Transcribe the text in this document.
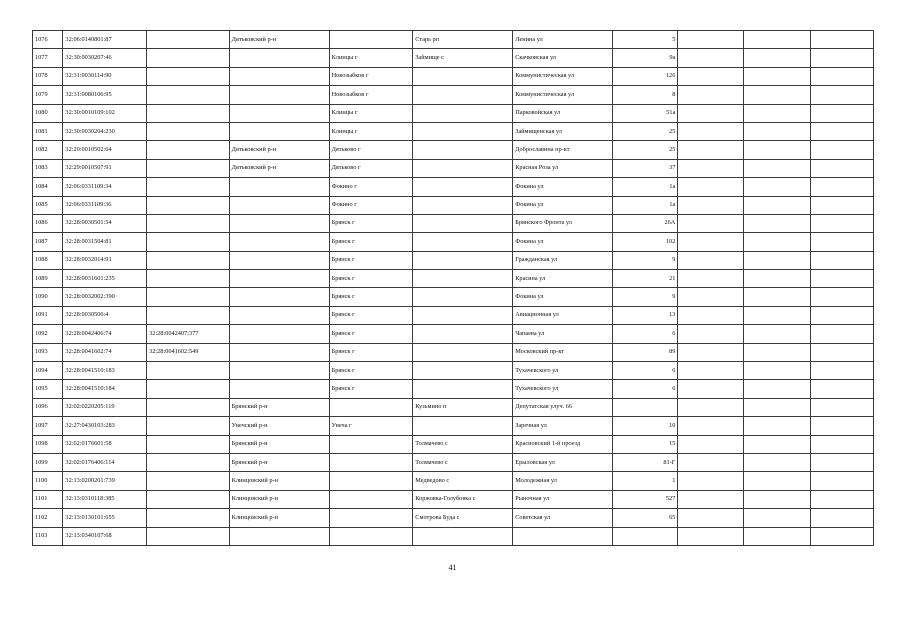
1076	32:06:0140801:87		Дятьковский р-н		Старь рп	Ленина ул	5			
1077	32:30:0030207:46			Клинцы г	Займище с	Скачковская ул	9а			
1078	32:31:0030114:90			Новозыбков г		Коммунистическая ул	126			
1079	32:31:0080106:95			Новозыбков г		Коммунистическая ул	8			
1080	32:30:0010109:102			Клинцы г		Парковойская ул	51а			
1081	32:30:0030204:230			Клинцы г		Займищенская ул	25			
1082	32:20:0010502:64		Дятьковский р-н	Дятьково г		Доброславина пр-кт	25			
1083	32:29:0010507:91		Дятьковский р-н	Дятьково г		Красная Роза ул	37			
1084	32:06:0331109:34			Фокино г		Фокина ул	1а			
1085	32:06:0331109:36			Фокино г		Фокина ул	1а			
1086	32:28:0030501:54			Брянск г		Брянского Фронта ул	26А			
1087	32:28:0031504:81			Брянск г		Фокина ул	102			
1088	32:28:0032014:91			Брянск г		Гражданская ул	9			
1089	32:28:0031601:235			Брянск г		Красина ул	21			
1090	32:28:0032002:390			Брянск г		Фокина ул	9			
1091	32:28:0030506:4			Брянск г		Авиационная ул	13			
1092	32:28:0042406:74	32:28:0042407:377		Брянск г		Чапаева ул	6			
1093	32:28:0041602:74	32:28:0041602:549		Брянск г		Московский пр-кт	89			
1094	32:28:0041510:183			Брянск г		Тухачевского ул	6			
1095	32:28:0041510:184			Брянск г		Тухачевского ул	6			
1096	32:02:0220205:119		Брянский р-н		Кузьмино п	Депутатская улуч. 66				
1097	32:27:0430103:283		Унечский р-н	Унеча г		Заречная ул	10			
1098	32:02:0176601:58		Брянский р-н		Толмачево с	Красновский 1-й проезд	15			
1099	32:02:0176406:114		Брянский р-н		Толмачево с	Ерыловская ул	81-Г			
1100	32:13:0200201:739		Клинцовский р-н		Медведово с	Молодежная ул	1			
1101	32:13:0310118:385		Клинцовский р-н		Коржовка-Голубовка с	Рыночная ул	527			
1102	32:13:0130101:655		Клинцовский р-н		Смотрова Буда с	Советская ул	65			
1103	32:13:0340107:68									
41
